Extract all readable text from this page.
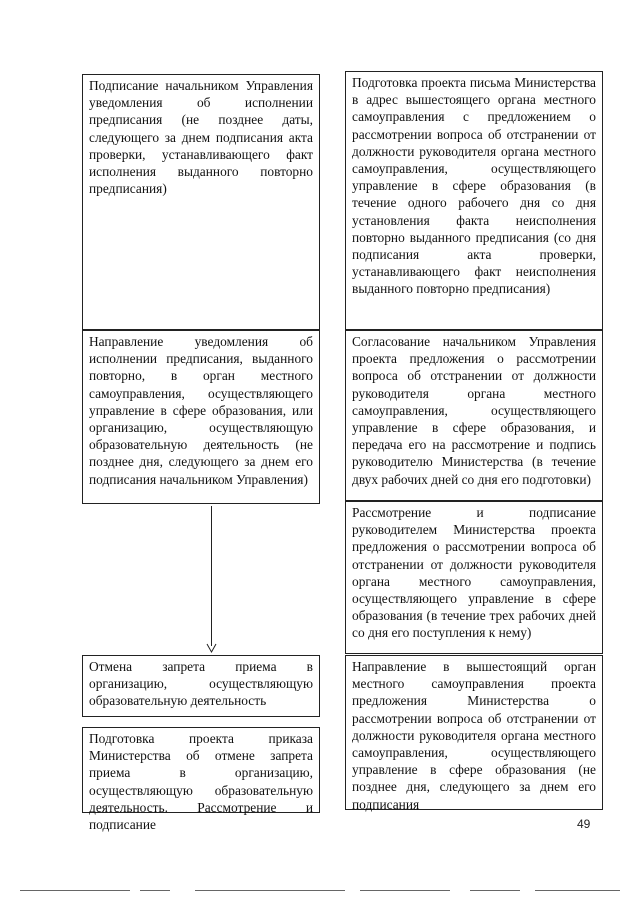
Подписание начальником Управления уведомления об исполнении предписания (не позднее даты, следующего за днем подписания акта проверки, устанавливающего факт исполнения выданного повторно предписания)

Направление уведомления об исполнении предписания, выданного повторно, в орган местного самоуправления, осуществляющего управление в сфере образования, или организацию, осуществляющую образовательную деятельность (не позднее дня, следующего за днем его подписания начальником Управления)

Отмена запрета приема в организацию, осуществляющую образовательную деятельность

Подготовка проекта приказа Министерства об отмене запрета приема в организацию, осуществляющую образовательную деятельность. Рассмотрение и подписание

Подготовка проекта письма Министерства в адрес вышестоящего органа местного самоуправления с предложением о рассмотрении вопроса об отстранении от должности руководителя органа местного самоуправления, осуществляющего управление в сфере образования (в течение одного рабочего дня со дня установления факта неисполнения повторно выданного предписания (со дня подписания акта проверки, устанавливающего факт неисполнения выданного повторно предписания)

Согласование начальником Управления проекта предложения о рассмотрении вопроса об отстранении от должности руководителя органа местного самоуправления, осуществляющего управление в сфере образования, и передача его на рассмотрение и подпись руководителю Министерства (в течение двух рабочих дней со дня его подготовки)

Рассмотрение и подписание руководителем Министерства проекта предложения о рассмотрении вопроса об отстранении от должности руководителя органа местного самоуправления, осуществляющего управление в сфере образования (в течение трех рабочих дней со дня его поступления к нему)

Направление в вышестоящий орган местного самоуправления проекта предложения Министерства о рассмотрении вопроса об отстранении от должности руководителя органа местного самоуправления, осуществляющего управление в сфере образования (не позднее дня, следующего за днем его подписания

49
